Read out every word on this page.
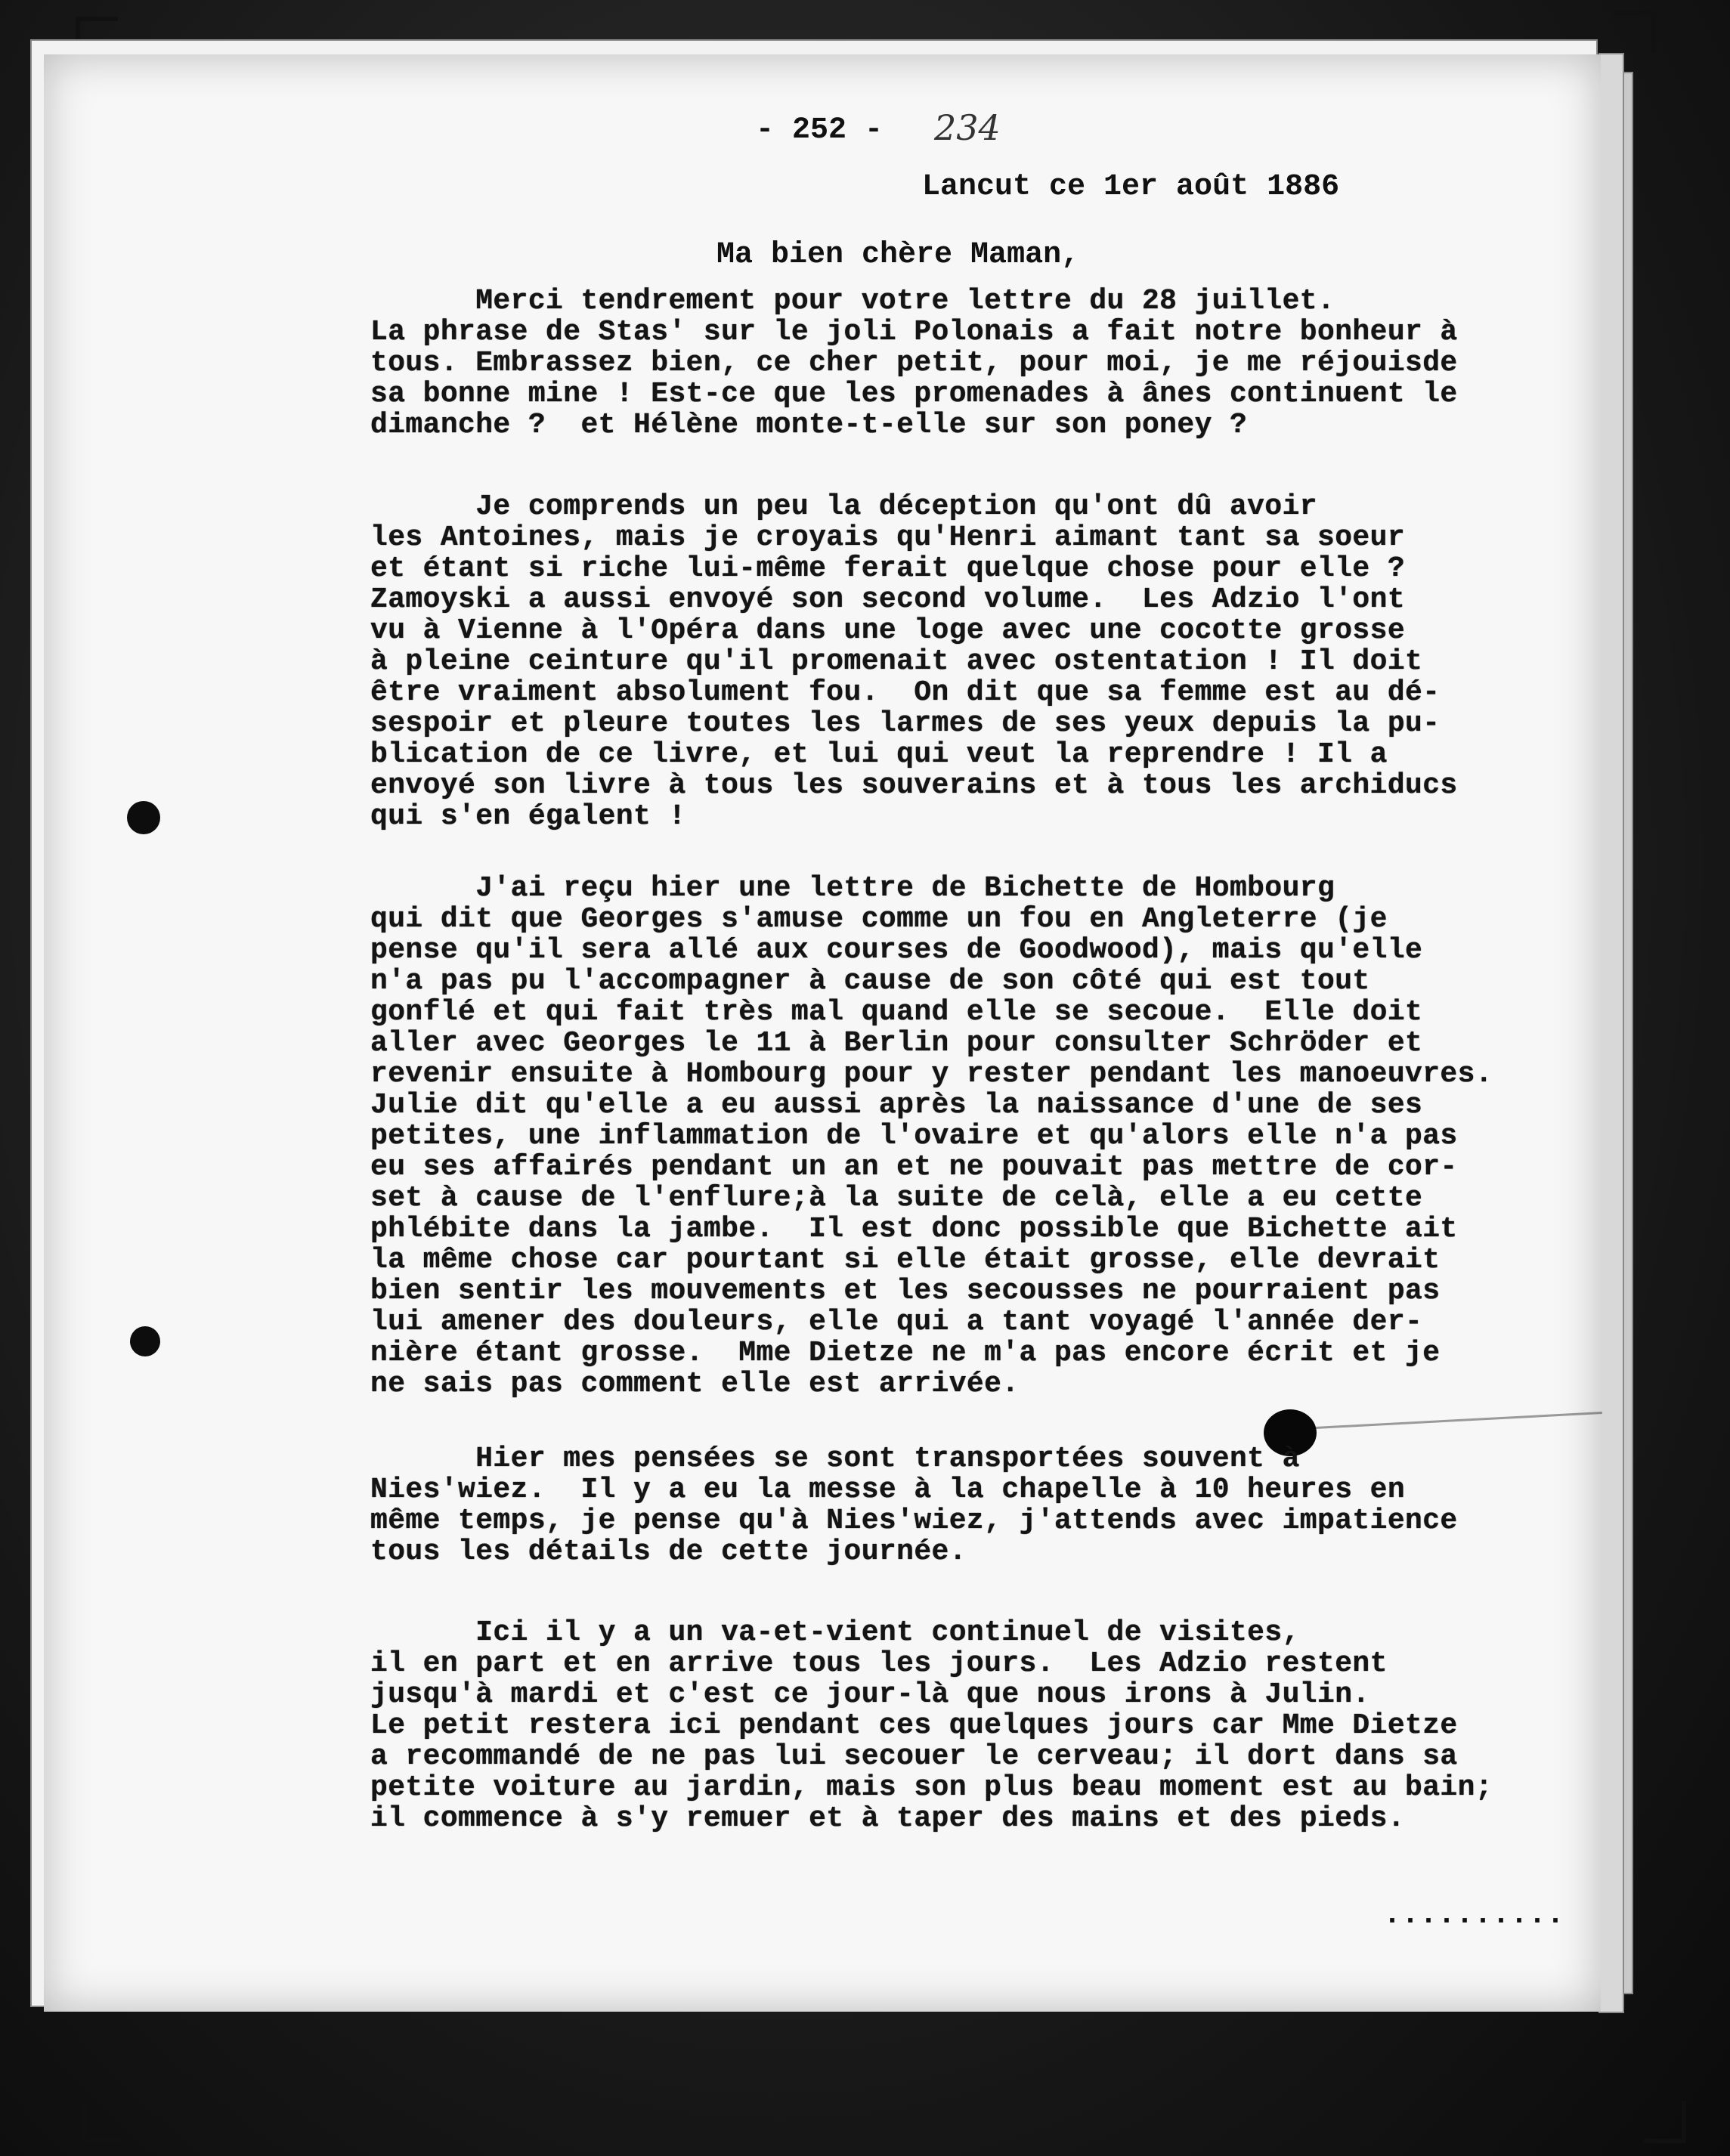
- 252 - 234
Lancut ce 1er août 1886
Ma bien chère Maman,
Merci tendrement pour votre lettre du 28 juillet.
La phrase de Stas' sur le joli Polonais a fait notre bonheur à
tous. Embrassez bien, ce cher petit, pour moi, je me réjouisde
sa bonne mine ! Est-ce que les promenades à ânes continuent le
dimanche ?  et Hélène monte-t-elle sur son poney ?
Je comprends un peu la déception qu'ont dû avoir
les Antoines, mais je croyais qu'Henri aimant tant sa soeur
et étant si riche lui-même ferait quelque chose pour elle ?
Zamoyski a aussi envoyé son second volume.  Les Adzio l'ont
vu à Vienne à l'Opéra dans une loge avec une cocotte grosse
à pleine ceinture qu'il promenait avec ostentation ! Il doit
être vraiment absolument fou.  On dit que sa femme est au dé-
sespoir et pleure toutes les larmes de ses yeux depuis la pu-
blication de ce livre, et lui qui veut la reprendre ! Il a
envoyé son livre à tous les souverains et à tous les archiducs
qui s'en égalent !
J'ai reçu hier une lettre de Bichette de Hombourg
qui dit que Georges s'amuse comme un fou en Angleterre (je
pense qu'il sera allé aux courses de Goodwood), mais qu'elle
n'a pas pu l'accompagner à cause de son côté qui est tout
gonflé et qui fait très mal quand elle se secoue.  Elle doit
aller avec Georges le 11 à Berlin pour consulter Schröder et
revenir ensuite à Hombourg pour y rester pendant les manoeuvres.
Julie dit qu'elle a eu aussi après la naissance d'une de ses
petites, une inflammation de l'ovaire et qu'alors elle n'a pas
eu ses affairés pendant un an et ne pouvait pas mettre de cor-
set à cause de l'enflure;à la suite de celà, elle a eu cette
phlébite dans la jambe.  Il est donc possible que Bichette ait
la même chose car pourtant si elle était grosse, elle devrait
bien sentir les mouvements et les secousses ne pourraient pas
lui amener des douleurs, elle qui a tant voyagé l'année der-
nière étant grosse.  Mme Dietze ne m'a pas encore écrit et je
ne sais pas comment elle est arrivée.
Hier mes pensées se sont transportées souvent à
Nies'wiez.  Il y a eu la messe à la chapelle à 10 heures en
même temps, je pense qu'à Nies'wiez, j'attends avec impatience
tous les détails de cette journée.
Ici il y a un va-et-vient continuel de visites,
il en part et en arrive tous les jours.  Les Adzio restent
jusqu'à mardi et c'est ce jour-là que nous irons à Julin.
Le petit restera ici pendant ces quelques jours car Mme Dietze
a recommandé de ne pas lui secouer le cerveau; il dort dans sa
petite voiture au jardin, mais son plus beau moment est au bain;
il commence à s'y remuer et à taper des mains et des pieds.
..........
